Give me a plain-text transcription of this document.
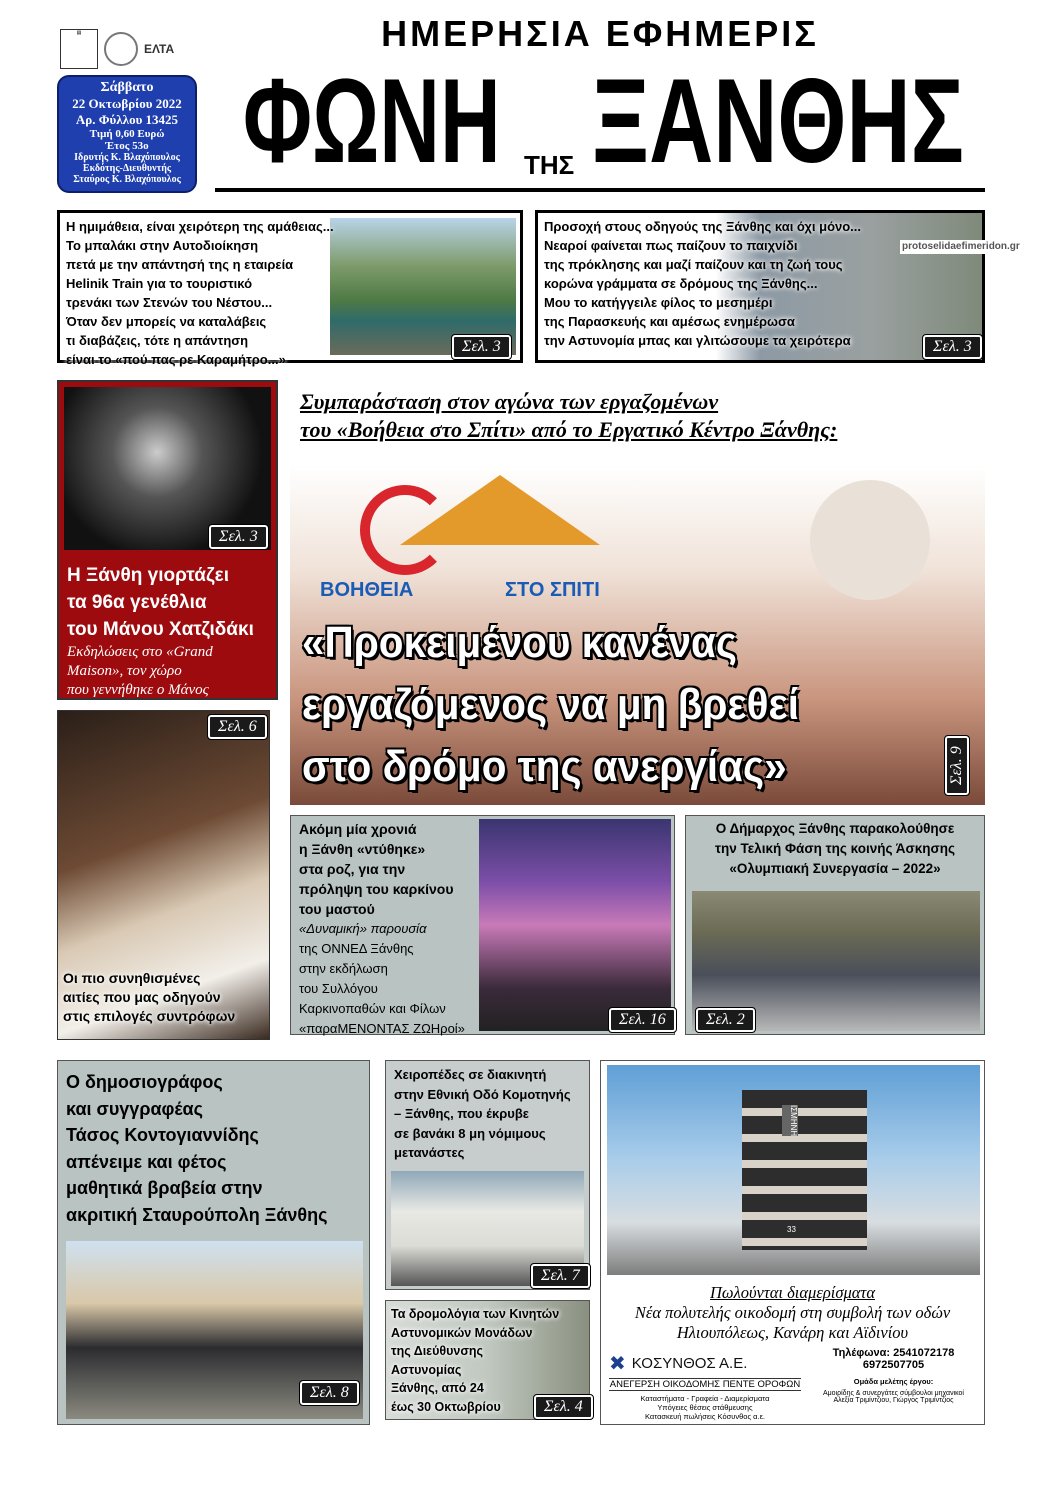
▤
ΕΛΤΑ
Σάββατο
22 Οκτωβρίου 2022
Αρ. Φύλλου 13425
Τιμή 0,60 Ευρώ
Έτος 53ο
Ιδρυτής Κ. Βλαχόπουλος
Εκδότης-Διευθυντής
Σταύρος Κ. Βλαχόπουλος
ΗΜΕΡΗΣΙΑ ΕΦΗΜΕΡΙΣ
ΦΩΝΗ ΤΗΣ ΞΑΝΘΗΣ
Η ημιμάθεια, είναι χειρότερη της αμάθειας...
Το μπαλάκι στην Αυτοδιοίκηση
πετά με την απάντησή της η εταιρεία
Helinik Train για το τουριστικό
τρενάκι των Στενών του Νέστου...
Όταν δεν μπορείς να καταλάβεις
τι διαβάζεις, τότε η απάντηση
είναι το «πού πας ρε Καραμήτρο...»
Σελ. 3
Προσοχή στους οδηγούς της Ξάνθης και όχι μόνο...
Νεαροί φαίνεται πως παίζουν το παιχνίδι
της πρόκλησης και μαζί παίζουν και τη ζωή τους
κορώνα γράμματα σε δρόμους της Ξάνθης...
Μου το κατήγγειλε φίλος το μεσημέρι
της Παρασκευής και αμέσως ενημέρωσα
την Αστυνομία μπας και γλιτώσουμε τα χειρότερα	Σελ. 3
protoselidaefimeridon.gr
Σελ. 3
Η Ξάνθη γιορτάζει
τα 96α γενέθλια
του Μάνου Χατζιδάκι
Εκδηλώσεις στο «Grand
Maison», τον χώρο
που γεννήθηκε ο Μάνος
Σελ. 6
Οι πιο συνηθισμένες
αιτίες που μας οδηγούν
στις επιλογές συντρόφων
Συμπαράσταση στον αγώνα των εργαζομένων
του «Βοήθεια στο Σπίτι» από το Εργατικό Κέντρο Ξάνθης:
ΒΟΗΘΕΙΑ	ΣΤΟ ΣΠΙΤΙ
«Προκειμένου κανένας
εργαζόμενος να μη βρεθεί
στο δρόμο της ανεργίας»	Σελ. 9
Ακόμη μία χρονιά
η Ξάνθη «ντύθηκε»
στα ροζ, για την
πρόληψη του καρκίνου
του μαστού
«Δυναμική» παρουσία
της ΟΝΝΕΔ Ξάνθης
στην εκδήλωση
του Συλλόγου
Καρκινοπαθών και Φίλων
«παραΜΕΝΟΝΤΑΣ ΖΩΗροί»
Σελ. 16
Ο Δήμαρχος Ξάνθης παρακολούθησε
την Τελική Φάση της κοινής Άσκησης
«Ολυμπιακή Συνεργασία – 2022»
Σελ. 2
Ο δημοσιογράφος
και συγγραφέας
Τάσος Κοντογιαννίδης
απένειμε και φέτος
μαθητικά βραβεία στην
ακριτική Σταυρούπολη Ξάνθης
Σελ. 8
Χειροπέδες σε διακινητή
στην Εθνική Οδό Κομοτηνής
– Ξάνθης, που έκρυβε
σε βανάκι 8 μη νόμιμους
μετανάστες
Σελ. 7
Τα δρομολόγια των Κινητών
Αστυνομικών Μονάδων
της Διεύθυνσης
Αστυνομίας
Ξάνθης, από 24
έως 30 Οκτωβρίου	Σελ. 4
ΙΣΜΗΝΗ
33
Πωλούνται διαμερίσματα
Νέα πολυτελής οικοδομή στη συμβολή των οδών
Ηλιουπόλεως, Κανάρη και Αϊδινίου
✖ ΚΟΣΥΝΘΟΣ Α.Ε.
ΑΝΕΓΕΡΣΗ ΟΙΚΟΔΟΜΗΣ ΠΕΝΤΕ ΟΡΟΦΩΝ
Καταστήματα - Γραφεία - Διαμερίσματα
Υπόγειες θέσεις στάθμευσης
Κατασκευή πωλήσεις Κόσυνθος α.ε.
Τηλέφωνα: 2541072178
6972507705
Ομάδα μελέτης έργου:
Αμοιρίδης & συνεργάτες σύμβουλοι μηχανικοί
Αλεξία Τριμίντζιου, Γιώργος Τριμίντζιος
